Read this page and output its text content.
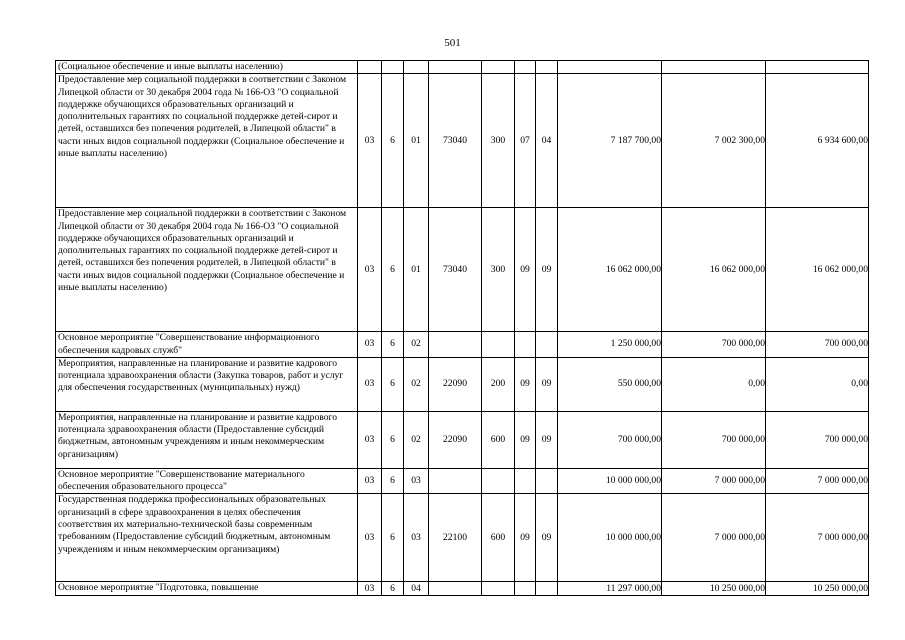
501
(Социальное обеспечение и иные выплаты населению)										
Предоставление мер социальной поддержки в соответствии с Законом Липецкой области от 30 декабря 2004 года № 166-ОЗ "О социальной поддержке обучающихся образовательных организаций и дополнительных гарантиях по социальной поддержке детей-сирот и детей, оставшихся без попечения родителей, в Липецкой области" в части иных видов социальной поддержки (Социальное обеспечение и иные выплаты населению)	03	6	01	73040	300	07	04	7 187 700,00	7 002 300,00	6 934 600,00
Предоставление мер социальной поддержки в соответствии с Законом Липецкой области от 30 декабря 2004 года № 166-ОЗ "О социальной поддержке обучающихся образовательных организаций и дополнительных гарантиях по социальной поддержке детей-сирот и детей, оставшихся без попечения родителей, в Липецкой области" в части иных видов социальной поддержки (Социальное обеспечение и иные выплаты населению)	03	6	01	73040	300	09	09	16 062 000,00	16 062 000,00	16 062 000,00
Основное мероприятие "Совершенствование информационного обеспечения кадровых служб"	03	6	02					1 250 000,00	700 000,00	700 000,00
Мероприятия, направленные на планирование и развитие кадрового потенциала здравоохранения области (Закупка товаров, работ и услуг для обеспечения государственных (муниципальных) нужд)	03	6	02	22090	200	09	09	550 000,00	0,00	0,00
Мероприятия, направленные на планирование и развитие кадрового потенциала здравоохранения области (Предоставление субсидий бюджетным, автономным учреждениям и иным некоммерческим организациям)	03	6	02	22090	600	09	09	700 000,00	700 000,00	700 000,00
Основное мероприятие "Совершенствование материального обеспечения образовательного процесса"	03	6	03					10 000 000,00	7 000 000,00	7 000 000,00
Государственная поддержка профессиональных образовательных организаций в сфере здравоохранения в целях обеспечения соответствия их материально-технической базы современным требованиям (Предоставление субсидий бюджетным, автономным учреждениям и иным некоммерческим организациям)	03	6	03	22100	600	09	09	10 000 000,00	7 000 000,00	7 000 000,00
Основное мероприятие "Подготовка, повышение	03	6	04					11 297 000,00	10 250 000,00	10 250 000,00
